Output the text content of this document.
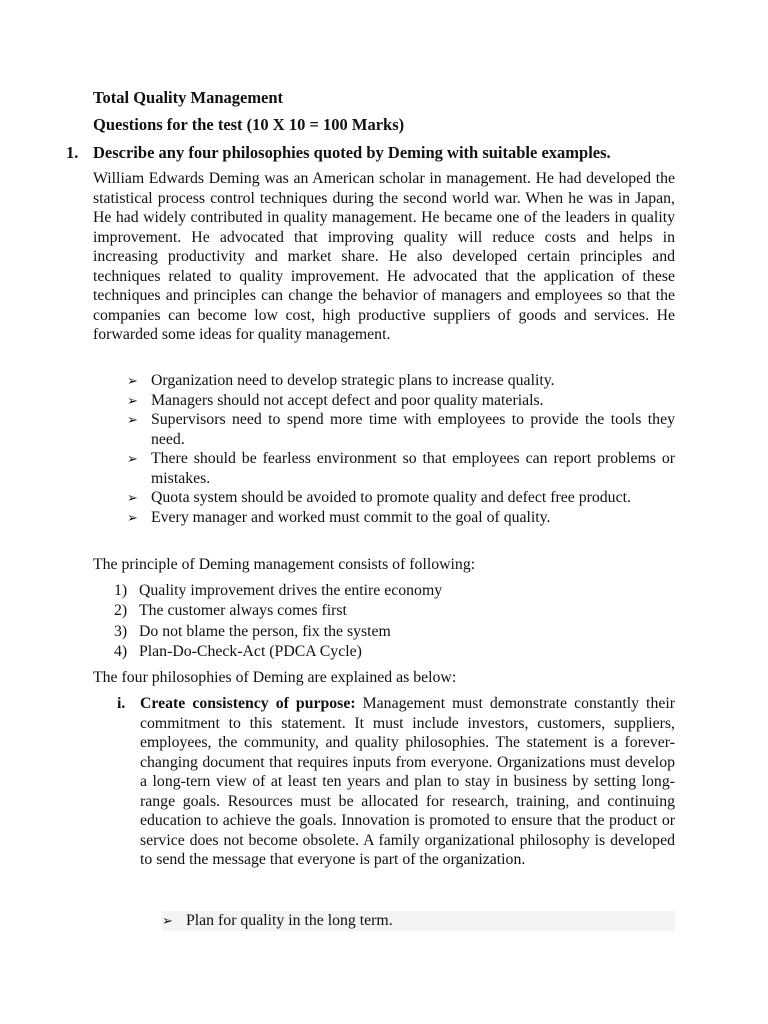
Total Quality Management
Questions for the test (10 X 10 = 100 Marks)
1. Describe any four philosophies quoted by Deming with suitable examples.
William Edwards Deming was an American scholar in management. He had developed the statistical process control techniques during the second world war. When he was in Japan, He had widely contributed in quality management. He became one of the leaders in quality improvement. He advocated that improving quality will reduce costs and helps in increasing productivity and market share. He also developed certain principles and techniques related to quality improvement. He advocated that the application of these techniques and principles can change the behavior of managers and employees so that the companies can become low cost, high productive suppliers of goods and services. He forwarded some ideas for quality management.
➢ Organization need to develop strategic plans to increase quality.
➢ Managers should not accept defect and poor quality materials.
➢ Supervisors need to spend more time with employees to provide the tools they need.
➢ There should be fearless environment so that employees can report problems or mistakes.
➢ Quota system should be avoided to promote quality and defect free product.
➢ Every manager and worked must commit to the goal of quality.
The principle of Deming management consists of following:
1) Quality improvement drives the entire economy
2) The customer always comes first
3) Do not blame the person, fix the system
4) Plan-Do-Check-Act (PDCA Cycle)
The four philosophies of Deming are explained as below:
i. Create consistency of purpose: Management must demonstrate constantly their commitment to this statement. It must include investors, customers, suppliers, employees, the community, and quality philosophies. The statement is a forever-changing document that requires inputs from everyone. Organizations must develop a long-tern view of at least ten years and plan to stay in business by setting long-range goals. Resources must be allocated for research, training, and continuing education to achieve the goals. Innovation is promoted to ensure that the product or service does not become obsolete. A family organizational philosophy is developed to send the message that everyone is part of the organization.
➢ Plan for quality in the long term.
